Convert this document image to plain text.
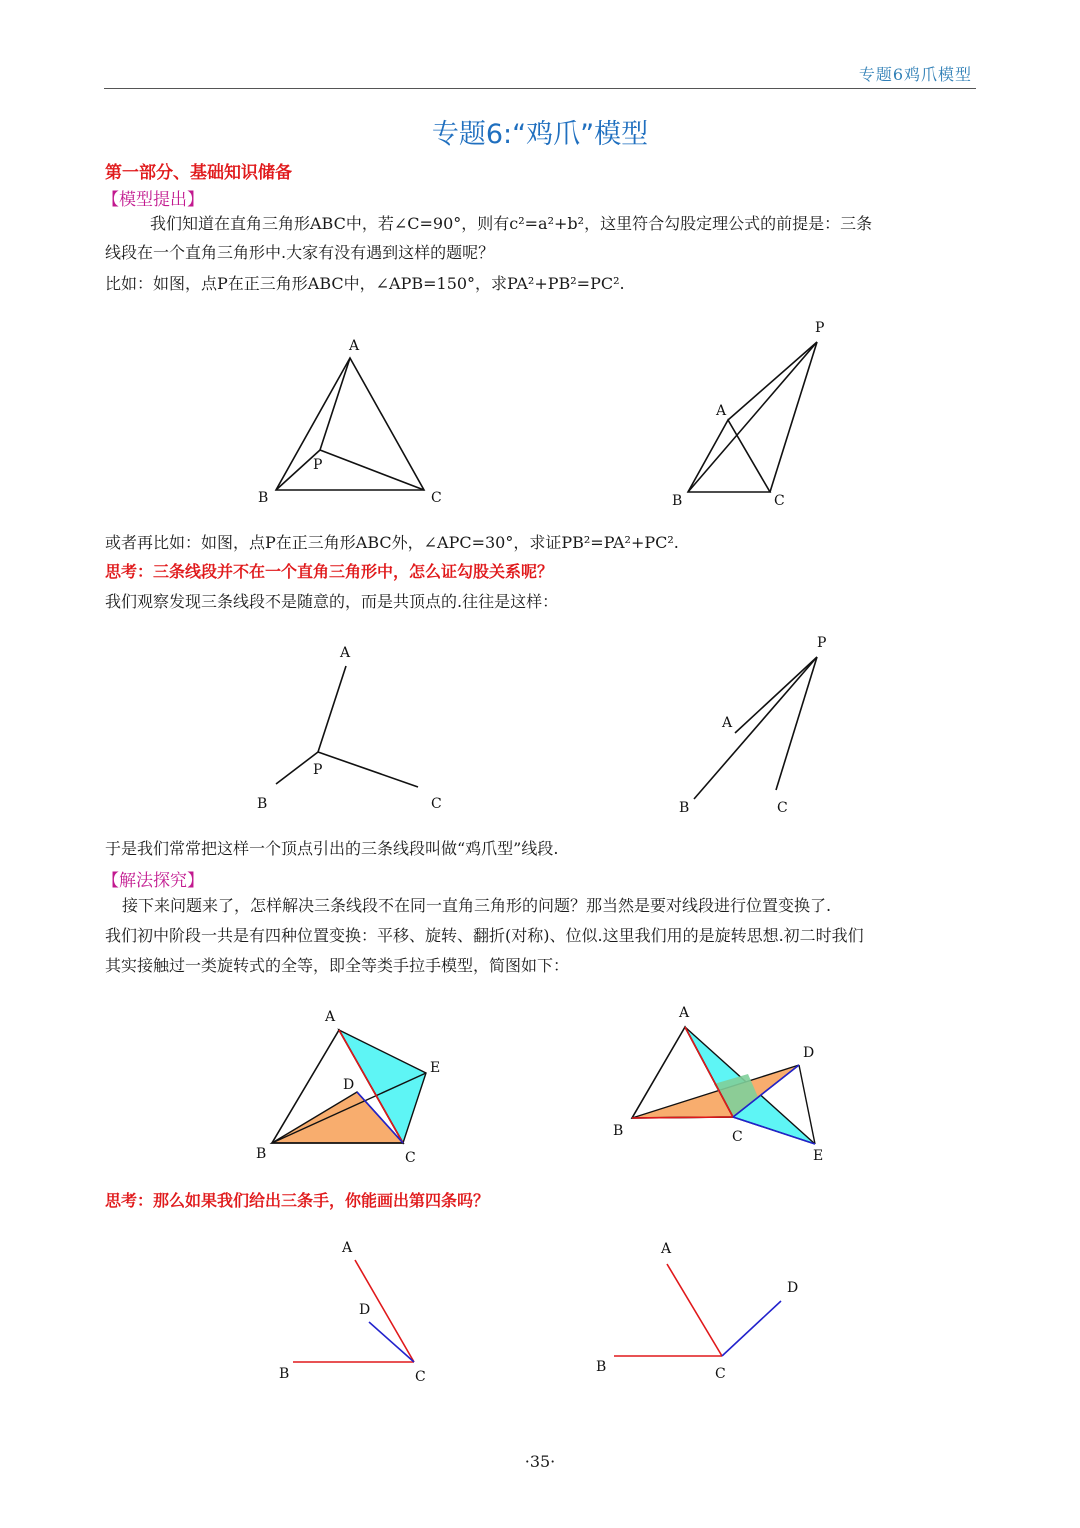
专题6鸡爪模型
专题6:“鸡爪”模型
第一部分、基础知识储备
【模型提出】
我们知道在直角三角形ABC中，若∠C=90°，则有c²=a²+b²，这里符合勾股定理公式的前提是：三条
线段在一个直角三角形中.大家有没有遇到这样的题呢？
比如：如图，点P在正三角形ABC中，∠APB=150°，求PA²+PB²=PC².
或者再比如：如图，点P在正三角形ABC外，∠APC=30°，求证PB²=PA²+PC².
思考：三条线段并不在一个直角三角形中，怎么证勾股关系呢？
我们观察发现三条线段不是随意的，而是共顶点的.往往是这样：
于是我们常常把这样一个顶点引出的三条线段叫做“鸡爪型”线段.
【解法探究】
接下来问题来了，怎样解决三条线段不在同一直角三角形的问题？那当然是要对线段进行位置变换了.
我们初中阶段一共是有四种位置变换：平移、旋转、翻折(对称)、位似.这里我们用的是旋转思想.初二时我们
其实接触过一类旋转式的全等，即全等类手拉手模型，简图如下：
思考：那么如果我们给出三条手，你能画出第四条吗？
·35·
A
B	C
P
P
A
B	C
A
P
B	C
P
A
B	C
A
E
D
B	C
A
D
B	C
E
A
D
B	C
A
D
B	C
